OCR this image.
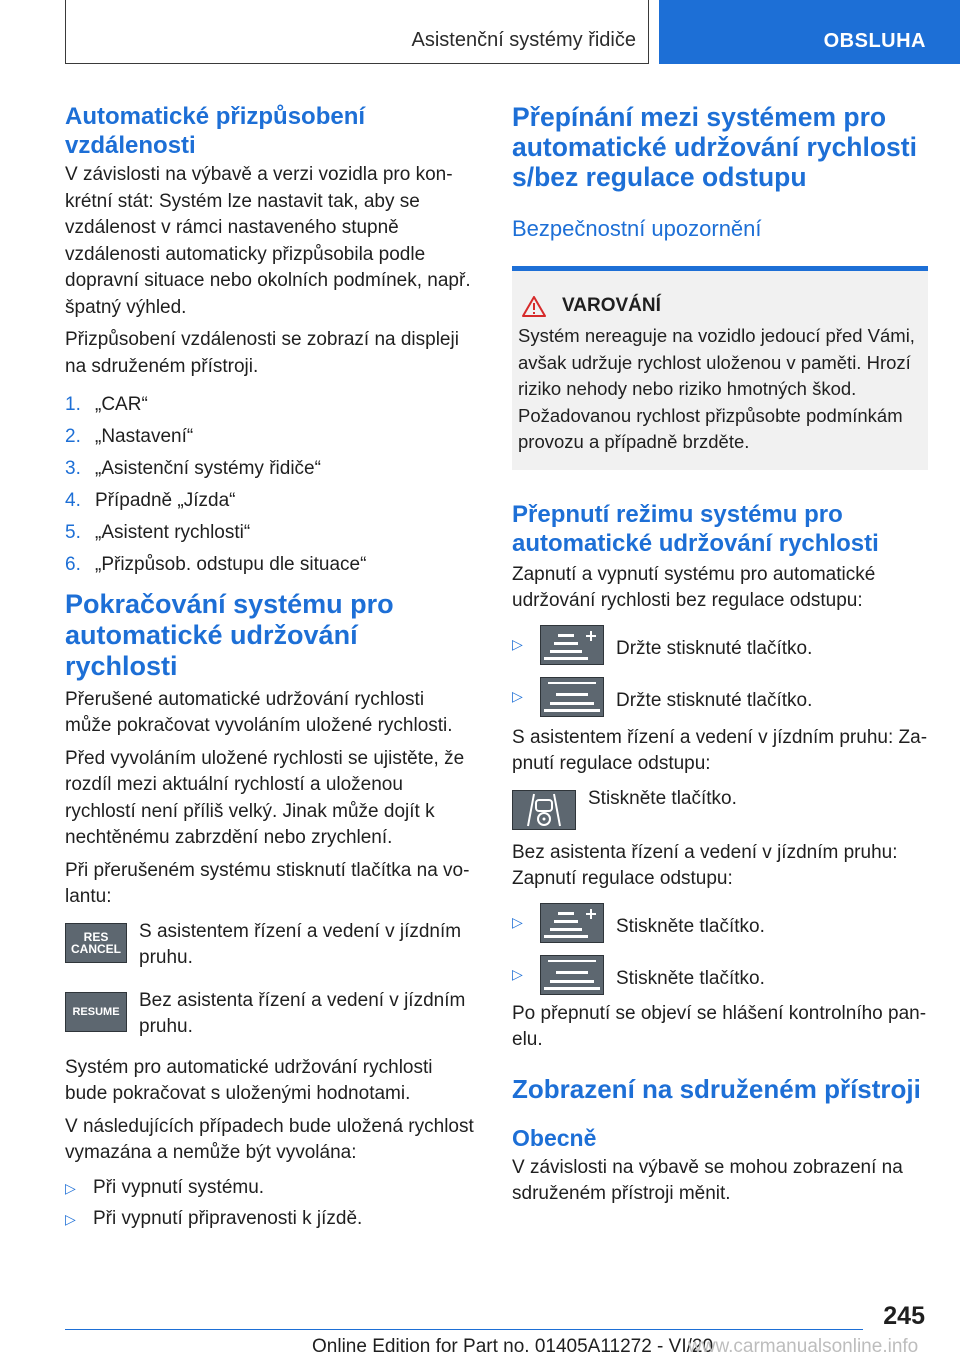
Asistenční systémy řidiče	OBSLUHA
Automatické přizpůsobení vzdálenosti

V závislosti na výbavě a verzi vozidla pro konkrétní stát: Systém lze nastavit tak, aby se vzdálenost v rámci nastaveného stupně vzdálenosti automaticky přizpůsobila podle dopravní situace nebo okolních podmínek, např. špatný výhled.

Přizpůsobení vzdálenosti se zobrazí na displeji na sdruženém přístroji.

1. „CAR“
2. „Nastavení“
3. „Asistenční systémy řidiče“
4. Případně „Jízda“
5. „Asistent rychlosti“
6. „Přizpůsob. odstupu dle situace“
Pokračování systému pro automatické udržování rychlosti

Přerušené automatické udržování rychlosti může pokračovat vyvoláním uložené rychlosti.

Před vyvoláním uložené rychlosti se ujistěte, že rozdíl mezi aktuální rychlostí a uloženou rychlostí není příliš velký. Jinak může dojít k nechtěnému zabrzdění nebo zrychlení.

Při přerušeném systému stisknutí tlačítka na volantu:

RES
CANCEL
S asistentem řízení a vedení v jízdním pruhu.
RESUME
Bez asistenta řízení a vedení v jízdním pruhu.

Systém pro automatické udržování rychlosti bude pokračovat s uloženými hodnotami.

V následujících případech bude uložená rychlost vymazána a nemůže být vyvolána:

▷ Při vypnutí systému.
▷ Při vypnutí připravenosti k jízdě.
Přepínání mezi systémem pro automatické udržování rychlosti s/bez regulace odstupu
Bezpečnostní upozornění
VAROVÁNÍ

Systém nereaguje na vozidlo jedoucí před Vámi, avšak udržuje rychlost uloženou v paměti. Hrozí riziko nehody nebo riziko hmotných škod. Požadovanou rychlost přizpůsobte podmínkám provozu a případně brzděte.

Přepnutí režimu systému pro automatické udržování rychlosti

Zapnutí a vypnutí systému pro automatické udržování rychlosti bez regulace odstupu:

▷	Držte stisknuté tlačítko.
▷	Držte stisknuté tlačítko.

S asistentem řízení a vedení v jízdním pruhu: Zapnutí regulace odstupu:

Stiskněte tlačítko.

Bez asistenta řízení a vedení v jízdním pruhu: Zapnutí regulace odstupu:

▷	Stiskněte tlačítko.
▷	Stiskněte tlačítko.

Po přepnutí se objeví se hlášení kontrolního panelu.

Zobrazení na sdruženém přístroji
Obecně

V závislosti na výbavě se mohou zobrazení na sdruženém přístroji měnit.

245
Online Edition for Part no. 01405A11272 - VI/20
www.carmanualsonline.info
